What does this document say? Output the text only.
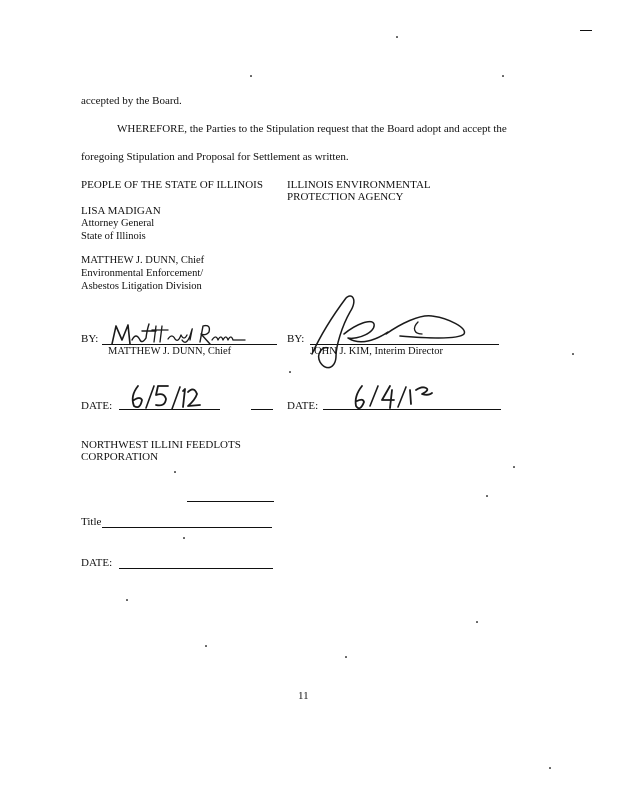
accepted by the Board.
WHEREFORE, the Parties to the Stipulation request that the Board adopt and accept the
foregoing Stipulation and Proposal for Settlement as written.
PEOPLE OF THE STATE OF ILLINOIS
LISA MADIGAN
Attorney General
State of Illinois
MATTHEW J. DUNN, Chief
Environmental Enforcement/
Asbestos Litigation Division
ILLINOIS ENVIRONMENTAL
PROTECTION AGENCY
BY:
MATTHEW J. DUNN, Chief
DATE:
BY:
JOHN J. KIM, Interim Director
DATE:
NORTHWEST ILLINI FEEDLOTS
CORPORATION
Title
DATE:
11
